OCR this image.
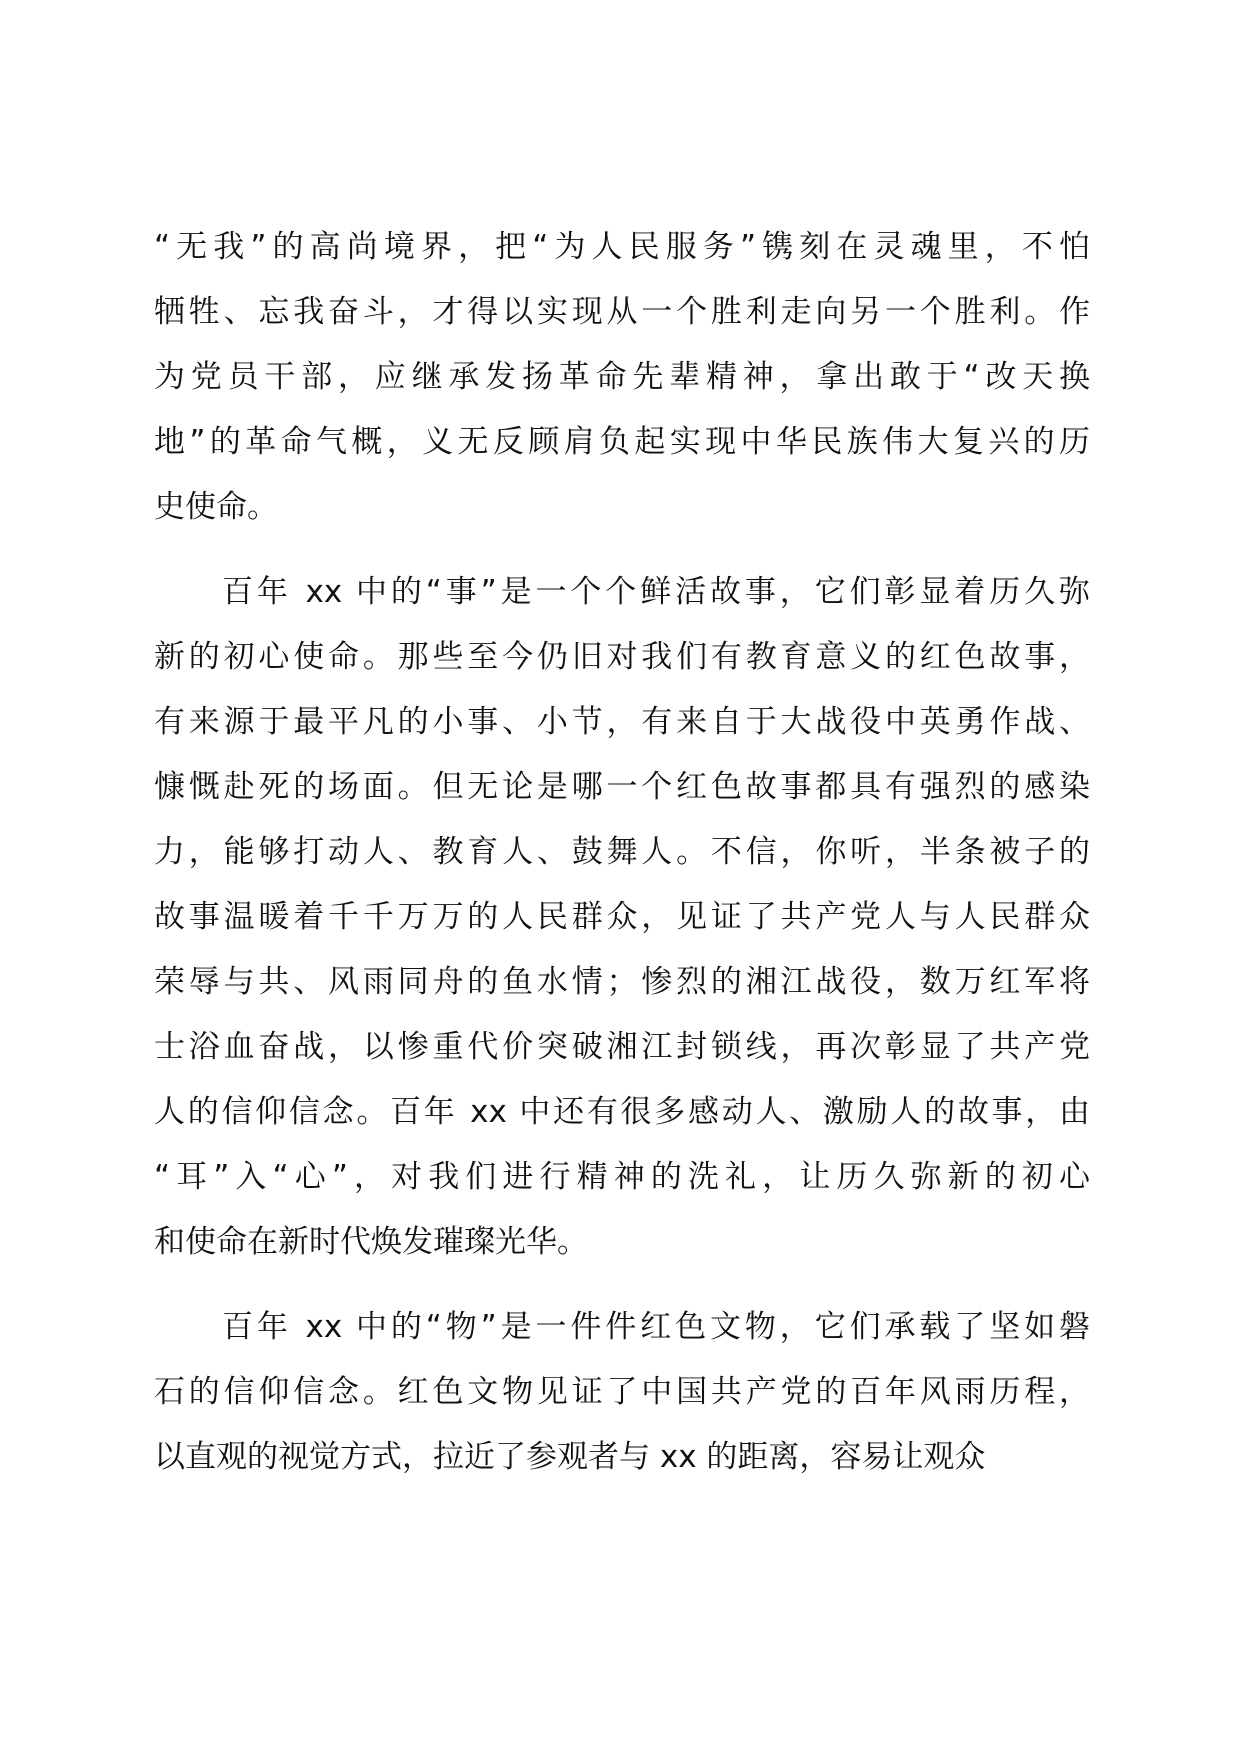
“无我”的高尚境界，把“为人民服务”镌刻在灵魂里，不怕
牺牲、忘我奋斗，才得以实现从一个胜利走向另一个胜利。作
为党员干部，应继承发扬革命先辈精神，拿出敢于“改天换
地”的革命气概，义无反顾肩负起实现中华民族伟大复兴的历
史使命。
百年 xx 中的“事”是一个个鲜活故事，它们彰显着历久弥
新的初心使命。那些至今仍旧对我们有教育意义的红色故事，
有来源于最平凡的小事、小节，有来自于大战役中英勇作战、
慷慨赴死的场面。但无论是哪一个红色故事都具有强烈的感染
力，能够打动人、教育人、鼓舞人。不信，你听，半条被子的
故事温暖着千千万万的人民群众，见证了共产党人与人民群众
荣辱与共、风雨同舟的鱼水情；惨烈的湘江战役，数万红军将
士浴血奋战，以惨重代价突破湘江封锁线，再次彰显了共产党
人的信仰信念。百年 xx 中还有很多感动人、激励人的故事，由
“耳”入“心”，对我们进行精神的洗礼，让历久弥新的初心
和使命在新时代焕发璀璨光华。
百年 xx 中的“物”是一件件红色文物，它们承载了坚如磐
石的信仰信念。红色文物见证了中国共产党的百年风雨历程，
以直观的视觉方式，拉近了参观者与 xx 的距离，容易让观众
